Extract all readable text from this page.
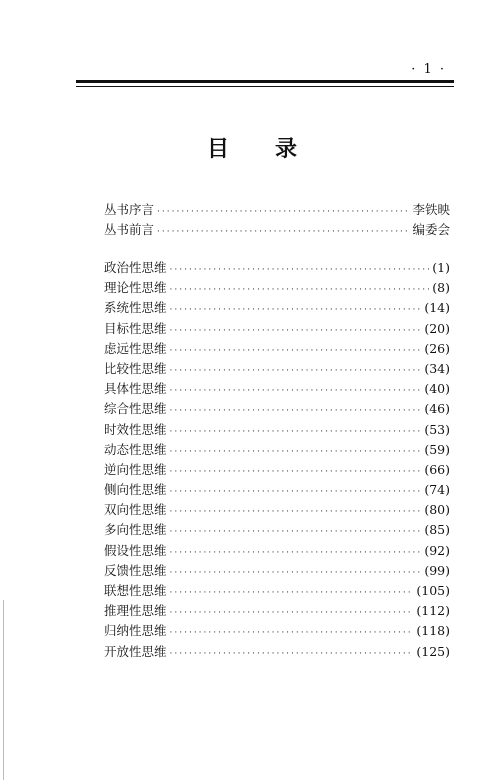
· 1 ·
目 录
丛书序言 ·····	李铁映
丛书前言 ·····	编委会
政治性思维 ·····	(1)
理论性思维 ·····	(8)
系统性思维 ·····	(14)
目标性思维 ·····	(20)
虑远性思维 ·····	(26)
比较性思维 ·····	(34)
具体性思维 ·····	(40)
综合性思维 ·····	(46)
时效性思维 ·····	(53)
动态性思维 ·····	(59)
逆向性思维 ·····	(66)
侧向性思维 ·····	(74)
双向性思维 ·····	(80)
多向性思维 ·····	(85)
假设性思维 ·····	(92)
反馈性思维 ·····	(99)
联想性思维 ·····	(105)
推理性思维 ·····	(112)
归纳性思维 ·····	(118)
开放性思维 ·····	(125)
